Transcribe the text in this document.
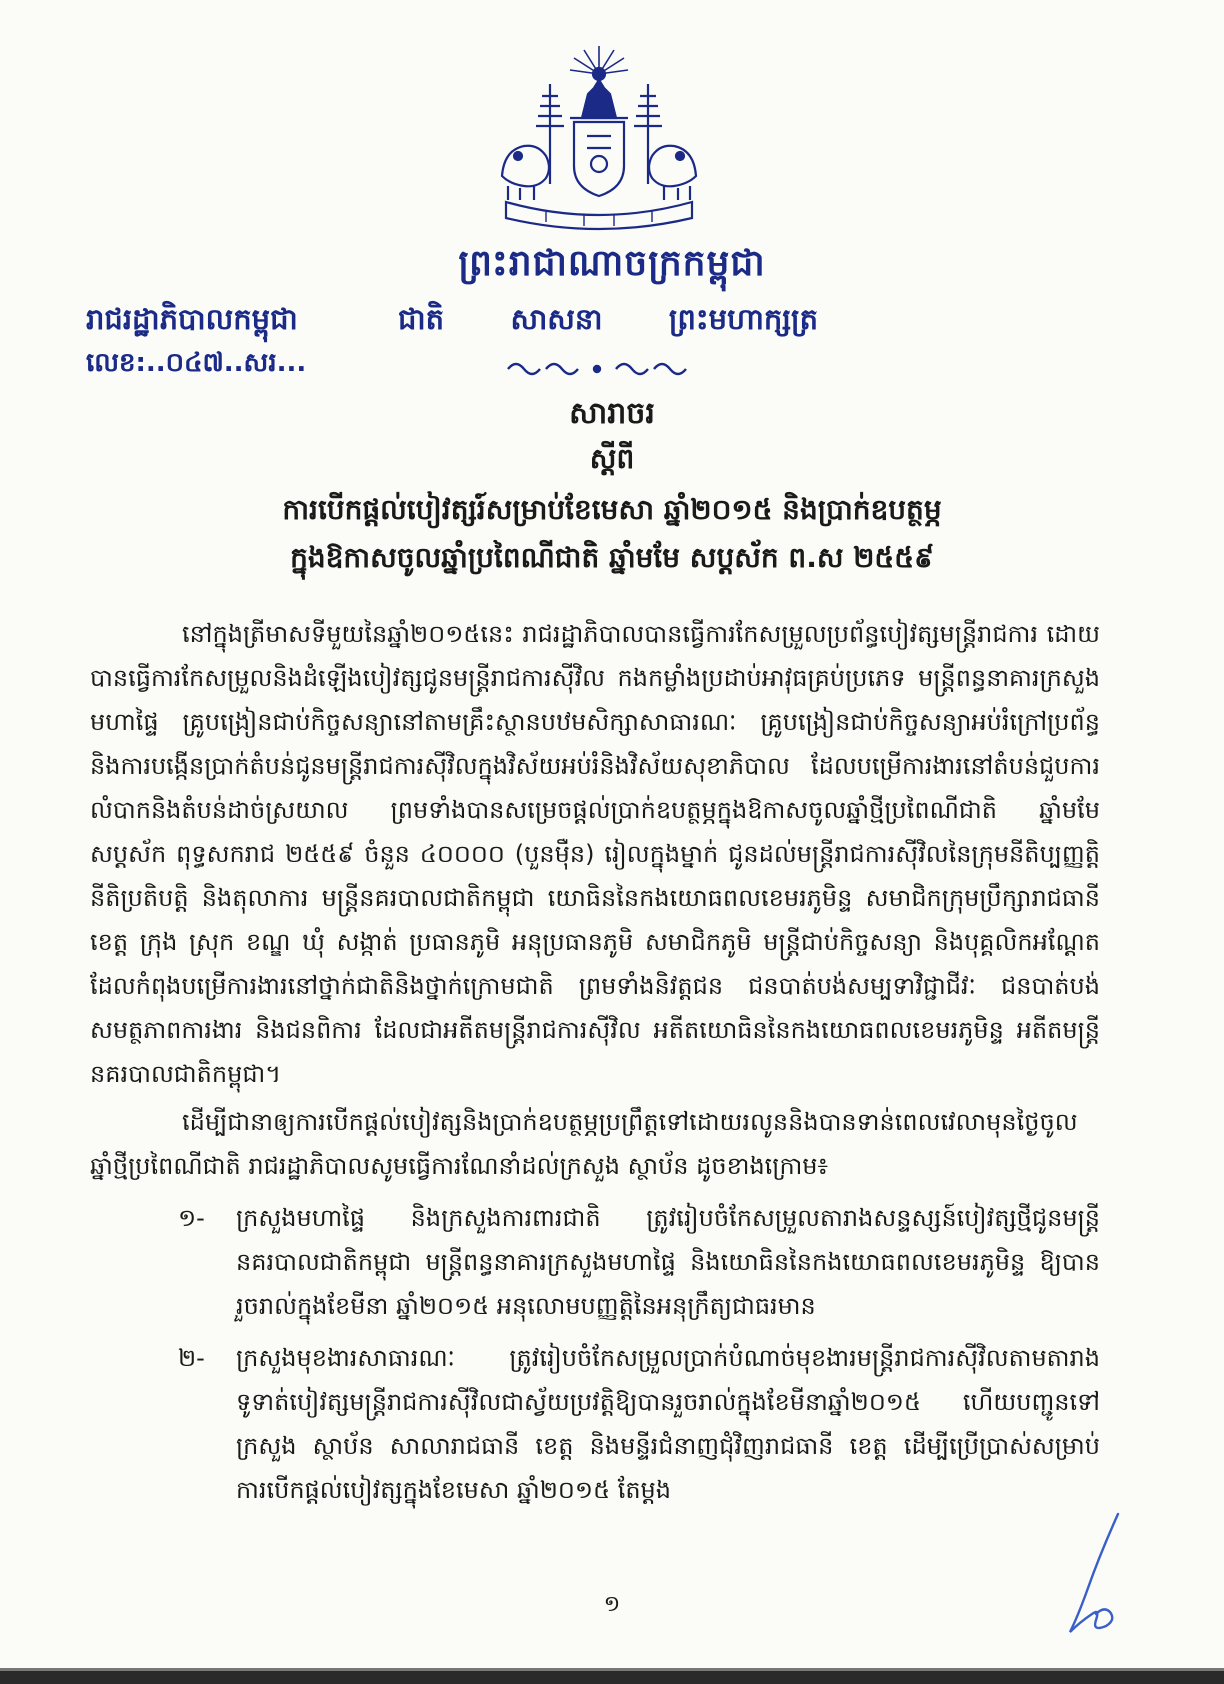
ព្រះរាជាណាចក្រកម្ពុជា
ជាតិ សាសនា ព្រះមហាក្សត្រ
រាជរដ្ឋាភិបាលកម្ពុជា
លេខ:..០៤៧..សរ...
សារាចរ
ស្តីពី
ការបើកផ្តល់បៀវត្សរ៍សម្រាប់ខែមេសា ឆ្នាំ២០១៥ និងប្រាក់ឧបត្ថម្ភ
ក្នុងឱកាសចូលឆ្នាំប្រពៃណីជាតិ ឆ្នាំមមែ សប្តស័ក ព.ស ២៥៥៩

នៅក្នុងត្រីមាសទីមួយនៃឆ្នាំ២០១៥នេះ រាជរដ្ឋាភិបាលបានធ្វើការកែសម្រួលប្រព័ន្ធបៀវត្សមន្ត្រីរាជការ ដោយបានធ្វើការកែសម្រួលនិងដំឡើងបៀវត្សជូនមន្ត្រីរាជការស៊ីវិល កងកម្លាំងប្រដាប់អាវុធគ្រប់ប្រភេទ មន្ត្រីពន្ធនាគារក្រសួងមហាផ្ទៃ គ្រូបង្រៀនជាប់កិច្ចសន្យានៅតាមគ្រឹះស្ថានបឋមសិក្សាសាធារណៈ គ្រូបង្រៀនជាប់កិច្ចសន្យាអប់រំក្រៅប្រព័ន្ធ និងការបង្កើនប្រាក់តំបន់ជូនមន្ត្រីរាជការស៊ីវិលក្នុងវិស័យអប់រំនិងវិស័យសុខាភិបាល ដែលបម្រើការងារនៅតំបន់ជួបការលំបាកនិងតំបន់ដាច់ស្រយាល ព្រមទាំងបានសម្រេចផ្តល់ប្រាក់ឧបត្ថម្ភក្នុងឱកាសចូលឆ្នាំថ្មីប្រពៃណីជាតិ ឆ្នាំមមែ សប្តស័ក ពុទ្ធសករាជ ២៥៥៩ ចំនួន ៤០០០០ (បួនម៉ឺន) រៀលក្នុងម្នាក់ ជូនដល់មន្ត្រីរាជការស៊ីវិលនៃក្រុមនីតិប្បញ្ញត្តិ នីតិប្រតិបត្តិ និងតុលាការ មន្ត្រីនគរបាលជាតិកម្ពុជា យោធិននៃកងយោធពលខេមរភូមិន្ទ សមាជិកក្រុមប្រឹក្សារាជធានី ខេត្ត ក្រុង ស្រុក ខណ្ឌ ឃុំ សង្កាត់ ប្រធានភូមិ អនុប្រធានភូមិ សមាជិកភូមិ មន្ត្រីជាប់កិច្ចសន្យា និងបុគ្គលិកអណ្តែត ដែលកំពុងបម្រើការងារនៅថ្នាក់ជាតិនិងថ្នាក់ក្រោមជាតិ ព្រមទាំងនិវត្តជន ជនបាត់បង់សម្បទាវិជ្ជាជីវៈ ជនបាត់បង់សមត្ថភាពការងារ និងជនពិការ ដែលជាអតីតមន្ត្រីរាជការស៊ីវិល អតីតយោធិននៃកងយោធពលខេមរភូមិន្ទ អតីតមន្ត្រីនគរបាលជាតិកម្ពុជា។

ដើម្បីជានាឲ្យការបើកផ្តល់បៀវត្សនិងប្រាក់ឧបត្ថម្ភប្រព្រឹត្តទៅដោយរលូននិងបានទាន់ពេលវេលាមុនថ្ងៃចូលឆ្នាំថ្មីប្រពៃណីជាតិ រាជរដ្ឋាភិបាលសូមធ្វើការណែនាំដល់ក្រសួង ស្ថាប័ន ដូចខាងក្រោម៖

១-	ក្រសួងមហាផ្ទៃ និងក្រសួងការពារជាតិ ត្រូវរៀបចំកែសម្រួលតារាងសន្ទស្សន៍បៀវត្សថ្មីជូនមន្ត្រីនគរបាលជាតិកម្ពុជា មន្ត្រីពន្ធនាគារក្រសួងមហាផ្ទៃ និងយោធិននៃកងយោធពលខេមរភូមិន្ទ ឱ្យបានរួចរាល់ក្នុងខែមីនា ឆ្នាំ២០១៥ អនុលោមបញ្ញត្តិនៃអនុក្រឹត្យជាធរមាន
២-	ក្រសួងមុខងារសាធារណៈ ត្រូវរៀបចំកែសម្រួលប្រាក់បំណាច់មុខងារមន្ត្រីរាជការស៊ីវិលតាមតារាងទូទាត់បៀវត្សមន្ត្រីរាជការស៊ីវិលជាស្វ័យប្រវត្តិឱ្យបានរួចរាល់ក្នុងខែមីនាឆ្នាំ២០១៥ ហើយបញ្ជូនទៅក្រសួង ស្ថាប័ន សាលារាជធានី ខេត្ត និងមន្ទីរជំនាញជុំវិញរាជធានី ខេត្ត ដើម្បីប្រើប្រាស់សម្រាប់ការបើកផ្តល់បៀវត្សក្នុងខែមេសា ឆ្នាំ២០១៥ តែម្តង
១
